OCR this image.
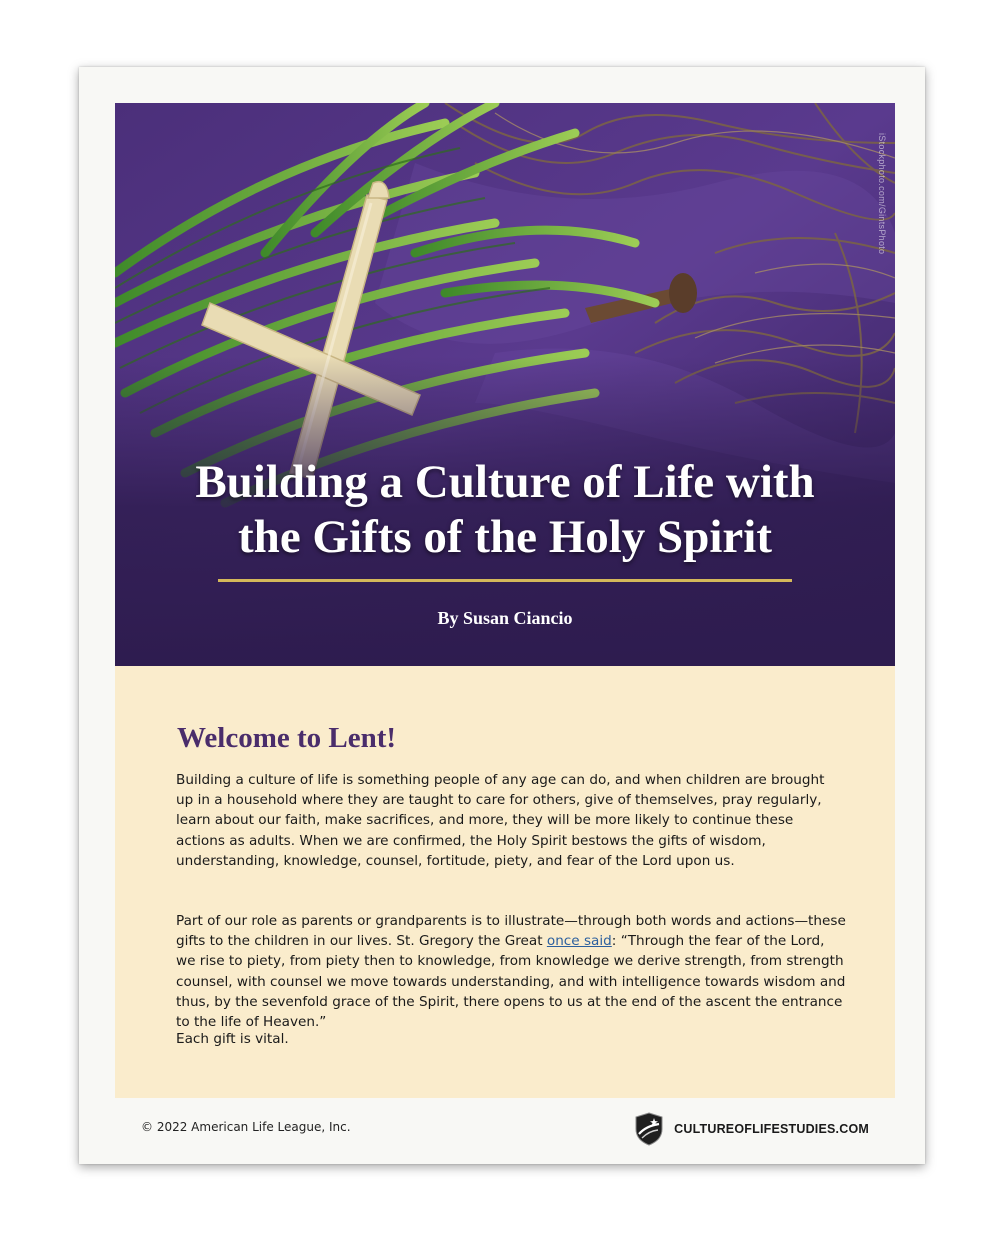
iStockphoto.com/GintsPhoto
Building a Culture of Life with
the Gifts of the Holy Spirit
By Susan Ciancio
Welcome to Lent!

Building a culture of life is something people of any age can do, and when children are brought up in a household where they are taught to care for others, give of themselves, pray regularly, learn about our faith, make sacrifices, and more, they will be more likely to continue these actions as adults. When we are confirmed, the Holy Spirit bestows the gifts of wisdom, understanding, knowledge, counsel, fortitude, piety, and fear of the Lord upon us.

Part of our role as parents or grandparents is to illustrate—through both words and actions—these gifts to the children in our lives. St. Gregory the Great once said: “Through the fear of the Lord, we rise to piety, from piety then to knowledge, from knowledge we derive strength, from strength counsel, with counsel we move towards understanding, and with intelligence towards wisdom and thus, by the sevenfold grace of the Spirit, there opens to us at the end of the ascent the entrance to the life of Heaven.”

Each gift is vital.

© 2022 American Life League, Inc.	CULTUREOFLIFESTUDIES.COM
